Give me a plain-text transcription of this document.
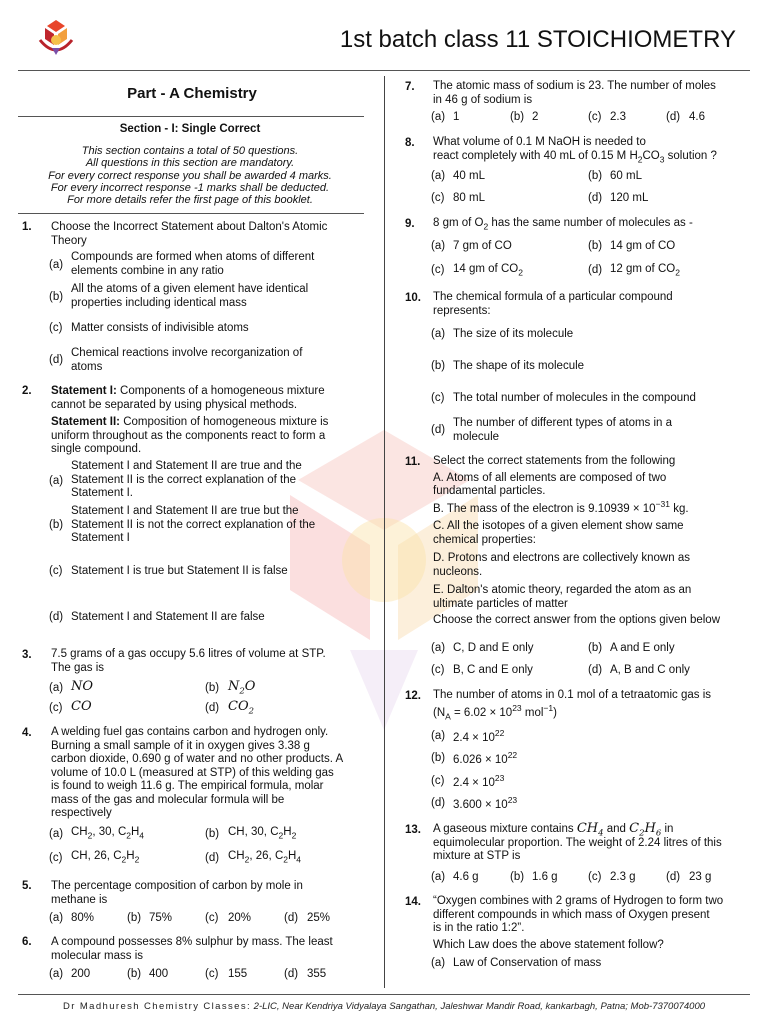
1st batch class 11 STOICHIOMETRY
Part - A Chemistry
Section - I: Single Correct
This section contains a total of 50 questions.
All questions in this section are mandatory.
For every correct response you shall be awarded 4 marks.
For every incorrect response -1 marks shall be deducted.
For more details refer the first page of this booklet.
1. Choose the Incorrect Statement about Dalton's Atomic
Theory
(a)
Compounds are formed when atoms of different
elements combine in any ratio
(b)
All the atoms of a given element have identical
properties including identical mass
(c) Matter consists of indivisible atoms
(d)
Chemical reactions involve recorganization of
atoms
2. Statement I: Components of a homogeneous mixture
cannot be separated by using physical methods.
Statement II: Composition of homogeneous mixture is
uniform throughout as the components react to form a
single compound.
(a)
Statement I and Statement II are true and the
Statement II is the correct explanation of the
Statement I.
(b)
Statement I and Statement II are true but the
Statement II is not the correct explanation of the
Statement I
(c) Statement I is true but Statement II is false
(d) Statement I and Statement II are false
3. 7.5 grams of a gas occupy 5.6 litres of volume at STP.
The gas is
(a) NO	(b) $N_2O$
(c) CO	(d) $CO_2$
4. A welding fuel gas contains carbon and hydrogen only.
Burning a small sample of it in oxygen gives 3.38 g
carbon dioxide, 0.690 g of water and no other products. A
volume of 10.0 L (measured at STP) of this welding gas
is found to weigh 11.6 g. The empirical formula, molar
mass of the gas and molecular formula will be
respectively
(a) $CH_2$, 30, $C_2H_4$	(b) CH, 30, $C_2H_2$
(c) CH, 26, $C_2H_2$	(d) $CH_2$, 26, $C_2H_4$
5. The percentage composition of carbon by mole in
methane is
(a) 80%	(b) 75%	(c) 20%	(d) 25%
6. A compound possesses 8% sulphur by mass. The least
molecular mass is
(a) 200	(b) 400	(c) 155	(d) 355
7. The atomic mass of sodium is 23. The number of moles
in 46 g of sodium is
(a) 1	(b) 2	(c) 2.3	(d) 4.6
8. What volume of 0.1 M NaOH is needed to
react completely with 40 mL of 0.15 M $H_2CO_3$ solution ?
(a) 40 mL	(b) 60 mL
(c) 80 mL	(d) 120 mL
9. 8 gm of $O_2$ has the same number of molecules as -
(a) 7 gm of CO	(b) 14 gm of CO
(c) 14 gm of $CO_2$	(d) 12 gm of $CO_2$
10. The chemical formula of a particular compound
represents:
(a) The size of its molecule
(b) The shape of its molecule
(c) The total number of molecules in the compound
(d)
The number of different types of atoms in a
molecule
11. Select the correct statements from the following
A. Atoms of all elements are composed of two
fundamental particles.
B. The mass of the electron is $9.10939 \times 10^{-31}$ kg.
C. All the isotopes of a given element show same
chemical properties:
D. Protons and electrons are collectively known as
nucleons.
E. Dalton's atomic theory, regarded the atom as an
ultimate particles of matter
Choose the correct answer from the options given below
(a) C, D and E only	(b) A and E only
(c) B, C and E only	(d) A, B and C only
12. The number of atoms in 0.1 mol of a tetraatomic gas is
($N_A = 6.02 \times 10^{23}$ mol$^{-1}$)
(a) $2.4 \times 10^{22}$
(b) $6.026 \times 10^{22}$
(c) $2.4 \times 10^{23}$
(d) $3.600 \times 10^{23}$
13. A gaseous mixture contains $CH_4$ and $C_2H_6$ in
equimolecular proportion. The weight of 2.24 litres of this
mixture at STP is
(a) 4.6 g	(b) 1.6 g	(c) 2.3 g	(d) 23 g
14. “Oxygen combines with 2 grams of Hydrogen to form two
different compounds in which mass of Oxygen present
is in the ratio 1:2”.
Which Law does the above statement follow?
(a) Law of Conservation of mass
Dr Madhuresh Chemistry Classes: 2-LIC, Near Kendriya Vidyalaya Sangathan, Jaleshwar Mandir Road, kankarbagh, Patna; Mob-7370074000
